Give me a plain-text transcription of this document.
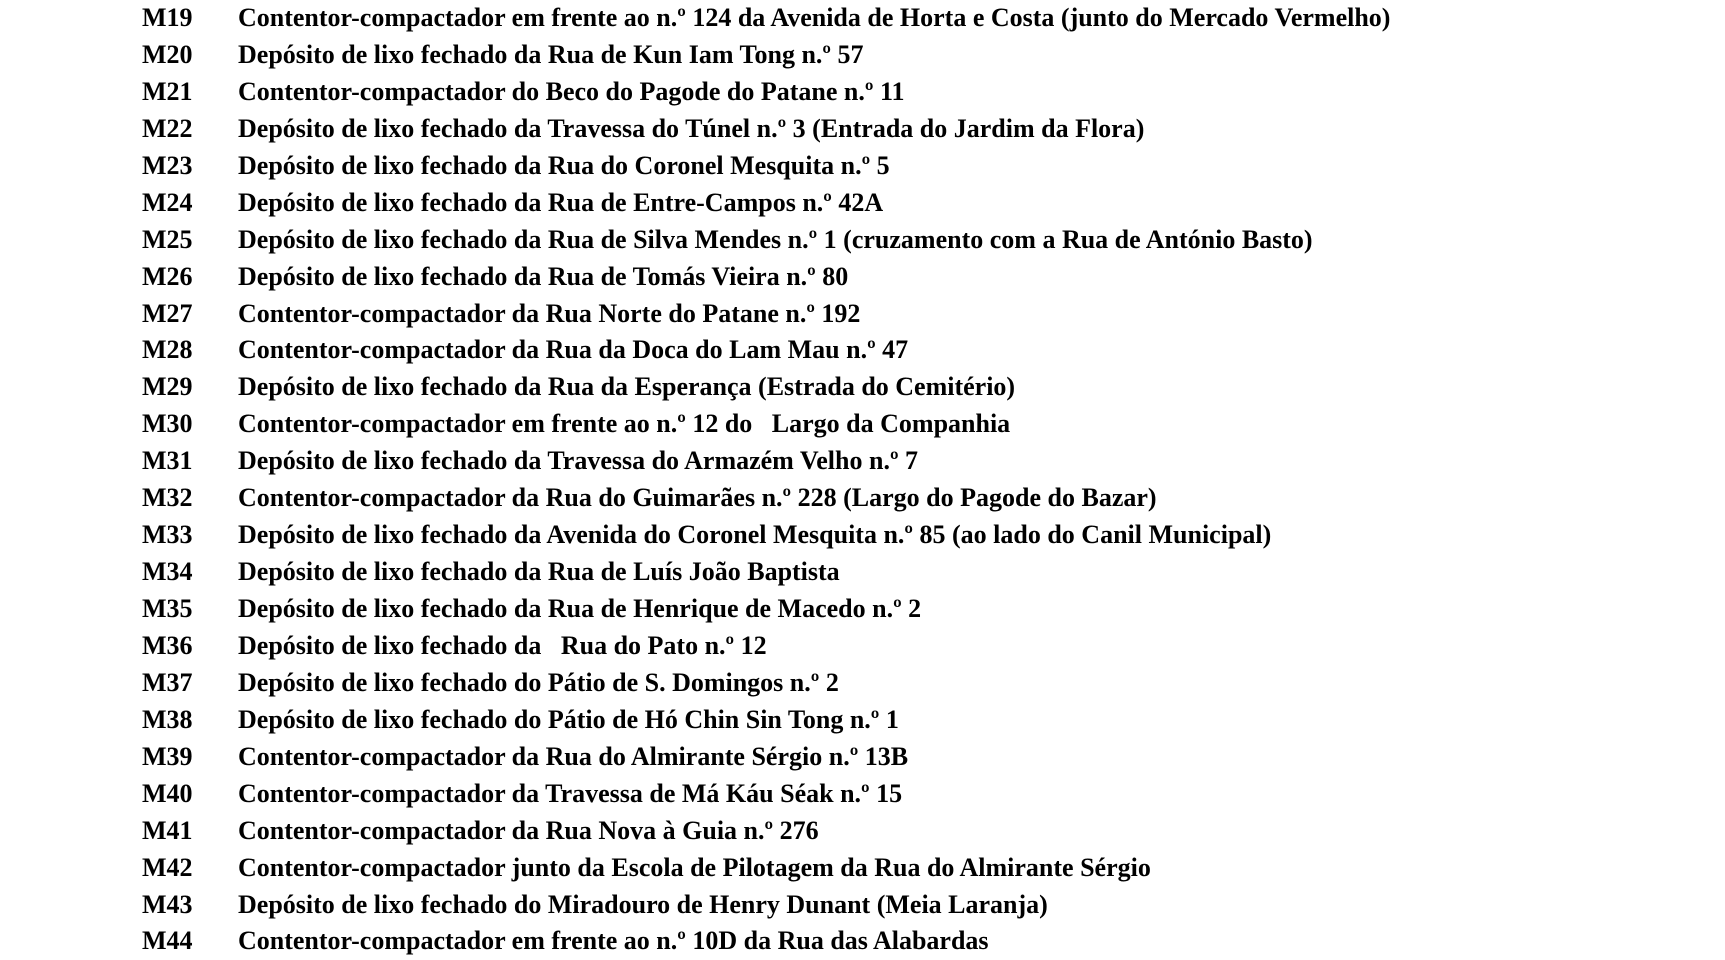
M19	Contentor-compactador em frente ao n.º 124 da Avenida de Horta e Costa (junto do Mercado Vermelho)
M20	Depósito de lixo fechado da Rua de Kun Iam Tong n.º 57
M21	Contentor-compactador do Beco do Pagode do Patane n.º 11
M22	Depósito de lixo fechado da Travessa do Túnel n.º 3 (Entrada do Jardim da Flora)
M23	Depósito de lixo fechado da Rua do Coronel Mesquita n.º 5
M24	Depósito de lixo fechado da Rua de Entre-Campos n.º 42A
M25	Depósito de lixo fechado da Rua de Silva Mendes n.º 1 (cruzamento com a Rua de António Basto)
M26	Depósito de lixo fechado da Rua de Tomás Vieira n.º 80
M27	Contentor-compactador da Rua Norte do Patane n.º 192
M28	Contentor-compactador da Rua da Doca do Lam Mau n.º 47
M29	Depósito de lixo fechado da Rua da Esperança (Estrada do Cemitério)
M30	Contentor-compactador em frente ao n.º 12 do   Largo da Companhia
M31	Depósito de lixo fechado da Travessa do Armazém Velho n.º 7
M32	Contentor-compactador da Rua do Guimarães n.º 228 (Largo do Pagode do Bazar)
M33	Depósito de lixo fechado da Avenida do Coronel Mesquita n.º 85 (ao lado do Canil Municipal)
M34	Depósito de lixo fechado da Rua de Luís João Baptista
M35	Depósito de lixo fechado da Rua de Henrique de Macedo n.º 2
M36	Depósito de lixo fechado da   Rua do Pato n.º 12
M37	Depósito de lixo fechado do Pátio de S. Domingos n.º 2
M38	Depósito de lixo fechado do Pátio de Hó Chin Sin Tong n.º 1
M39	Contentor-compactador da Rua do Almirante Sérgio n.º 13B
M40	Contentor-compactador da Travessa de Má Káu Séak n.º 15
M41	Contentor-compactador da Rua Nova à Guia n.º 276
M42	Contentor-compactador junto da Escola de Pilotagem da Rua do Almirante Sérgio
M43	Depósito de lixo fechado do Miradouro de Henry Dunant (Meia Laranja)
M44	Contentor-compactador em frente ao n.º 10D da Rua das Alabardas
